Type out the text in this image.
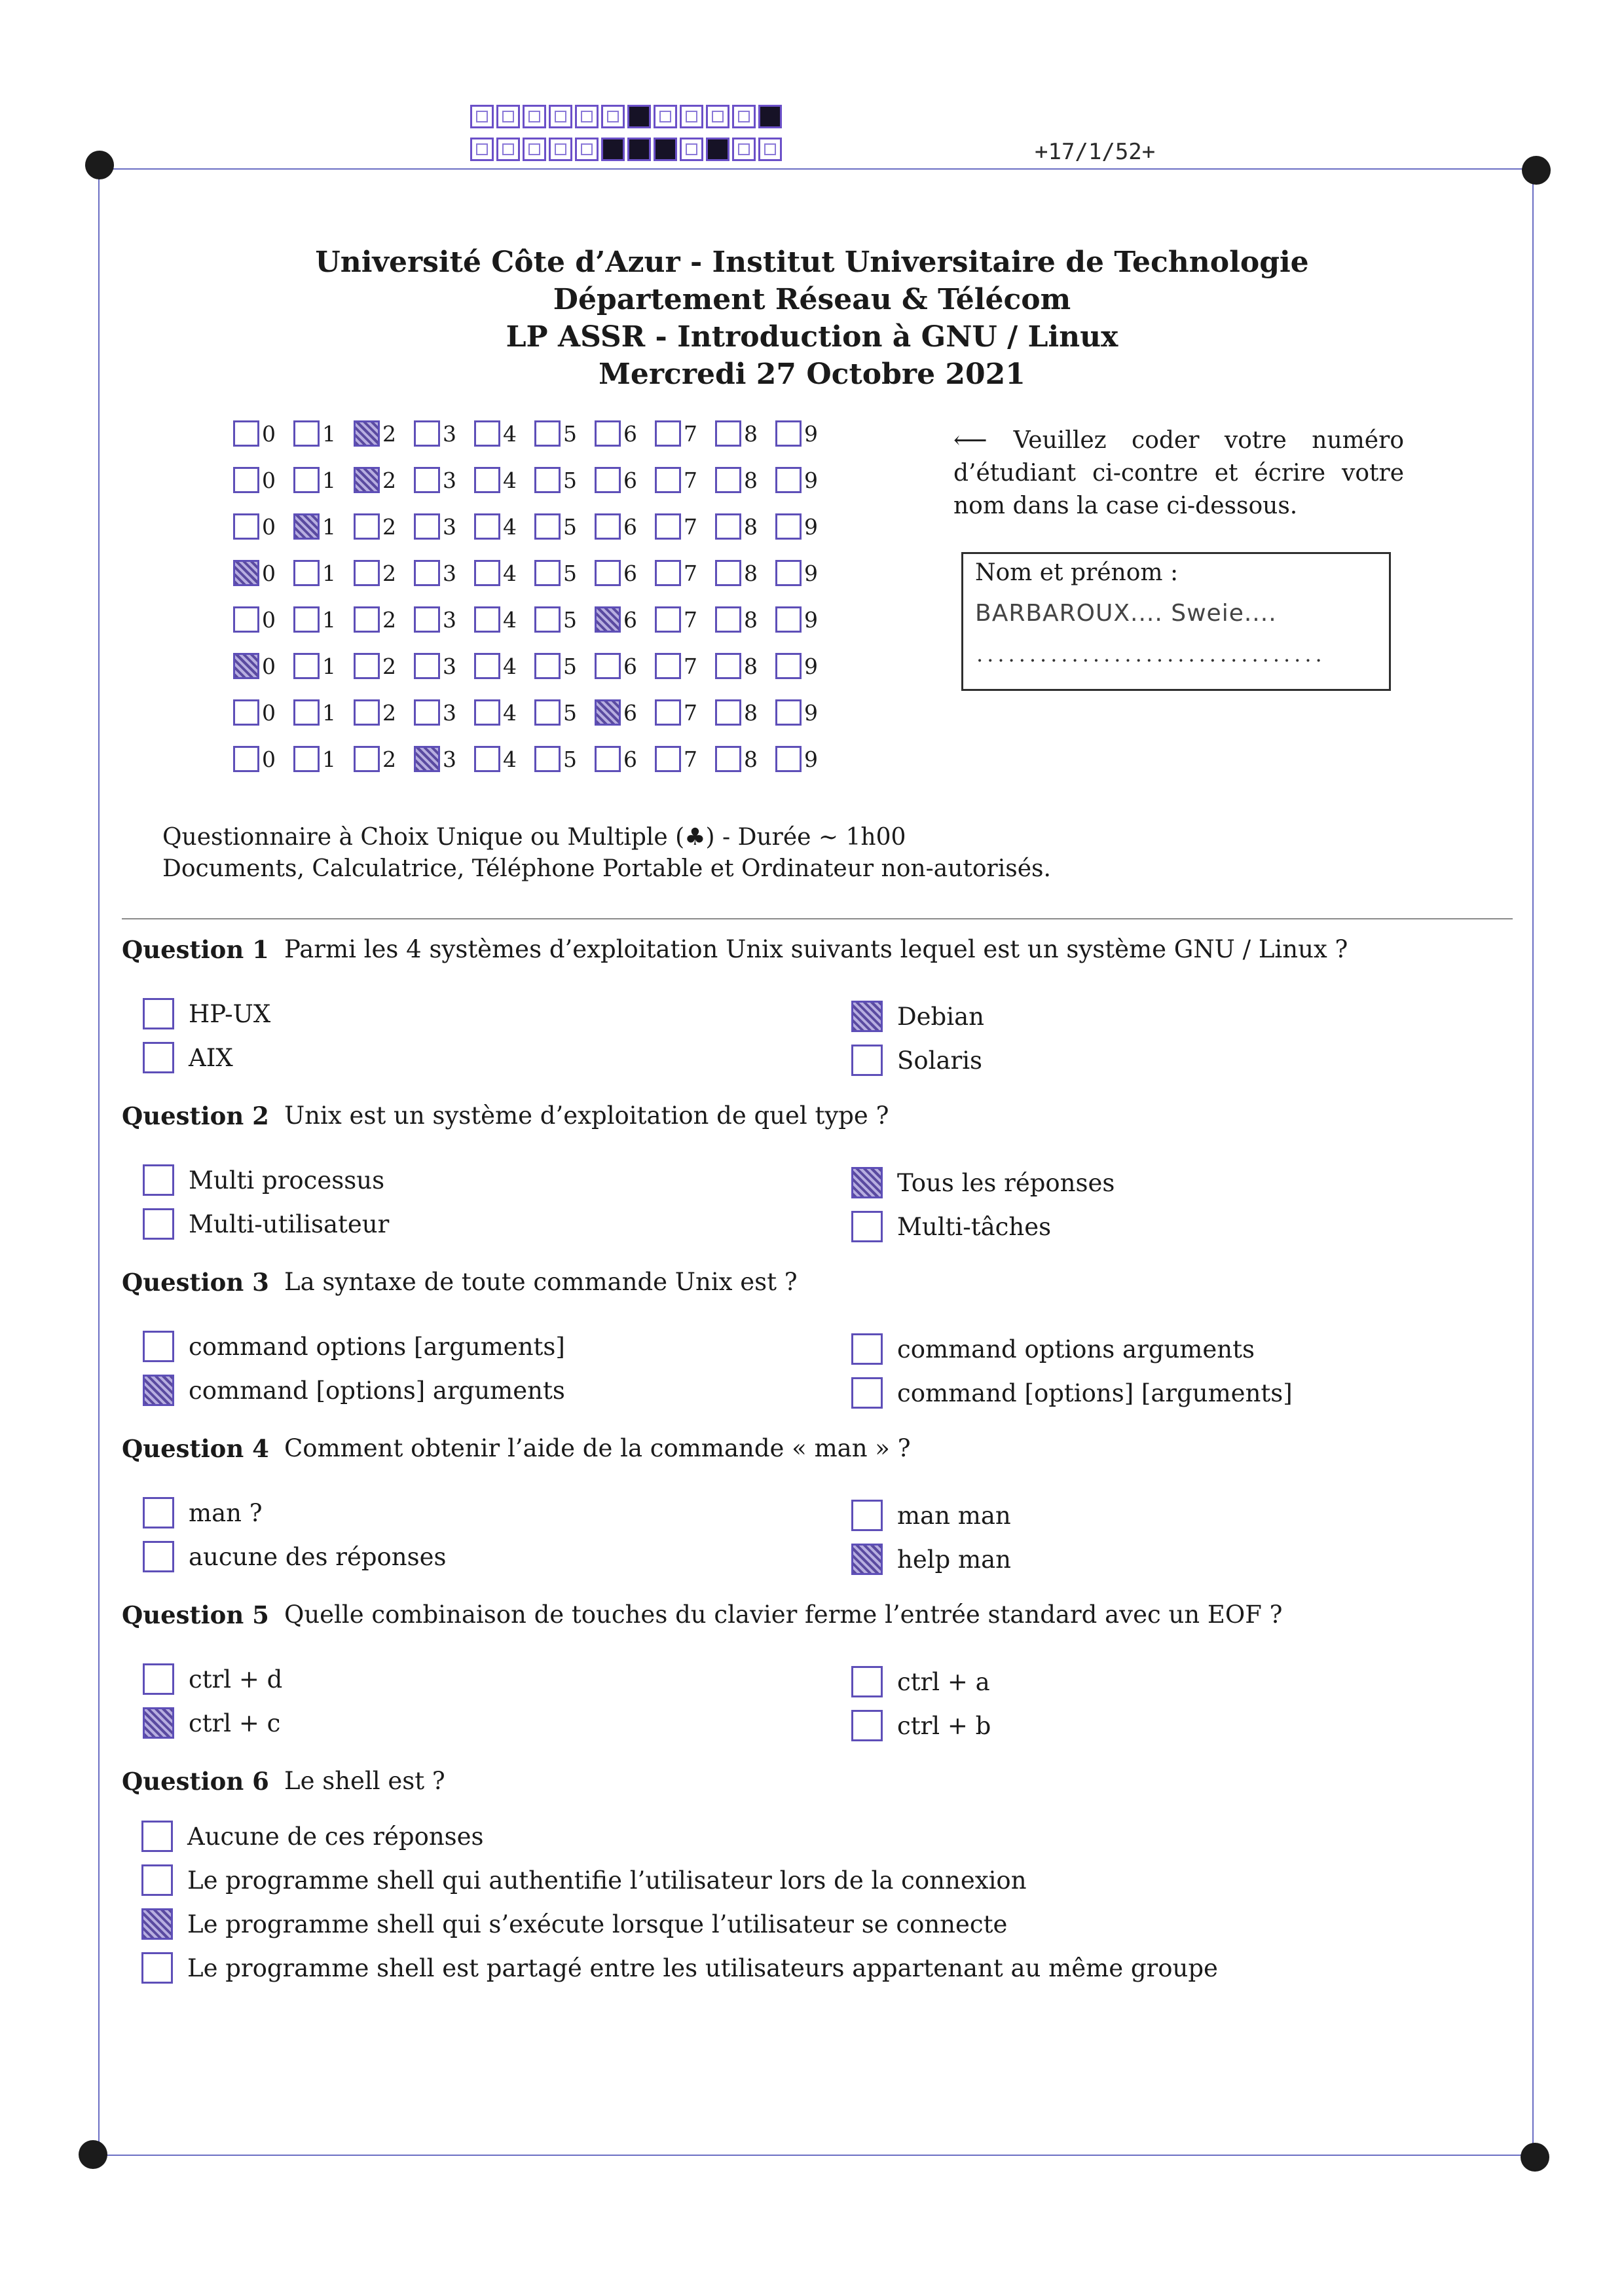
+17/1/52+
Université Côte d’Azur - Institut Universitaire de Technologie
Département Réseau & Télécom
LP ASSR - Introduction à GNU / Linux
Mercredi 27 Octobre 2021
0 1 2 3 4 5 6 7 8 9
0 1 2 3 4 5 6 7 8 9
0 1 2 3 4 5 6 7 8 9
0 1 2 3 4 5 6 7 8 9
0 1 2 3 4 5 6 7 8 9
0 1 2 3 4 5 6 7 8 9
0 1 2 3 4 5 6 7 8 9
0 1 2 3 4 5 6 7 8 9
⟵ Veuillez coder votre numéro d’étudiant ci-contre et écrire votre nom dans la case ci-dessous.
Nom et prénom :
BARBAROUX.... Sweie....
.................................
Questionnaire à Choix Unique ou Multiple (♣) - Durée ∼ 1h00
Documents, Calculatrice, Téléphone Portable et Ordinateur non-autorisés.
Question 1 Parmi les 4 systèmes d’exploitation Unix suivants lequel est un système GNU / Linux ?
HP-UX
AIX
Debian
Solaris
Question 2 Unix est un système d’exploitation de quel type ?
Multi processus
Multi-utilisateur
Tous les réponses
Multi-tâches
Question 3 La syntaxe de toute commande Unix est ?
command options [arguments]
command [options] arguments
command options arguments
command [options] [arguments]
Question 4 Comment obtenir l’aide de la commande « man » ?
man ?
aucune des réponses
man man
help man
Question 5 Quelle combinaison de touches du clavier ferme l’entrée standard avec un EOF ?
ctrl + d
ctrl + c
ctrl + a
ctrl + b
Question 6 Le shell est ?
Aucune de ces réponses
Le programme shell qui authentifie l’utilisateur lors de la connexion
Le programme shell qui s’exécute lorsque l’utilisateur se connecte
Le programme shell est partagé entre les utilisateurs appartenant au même groupe
